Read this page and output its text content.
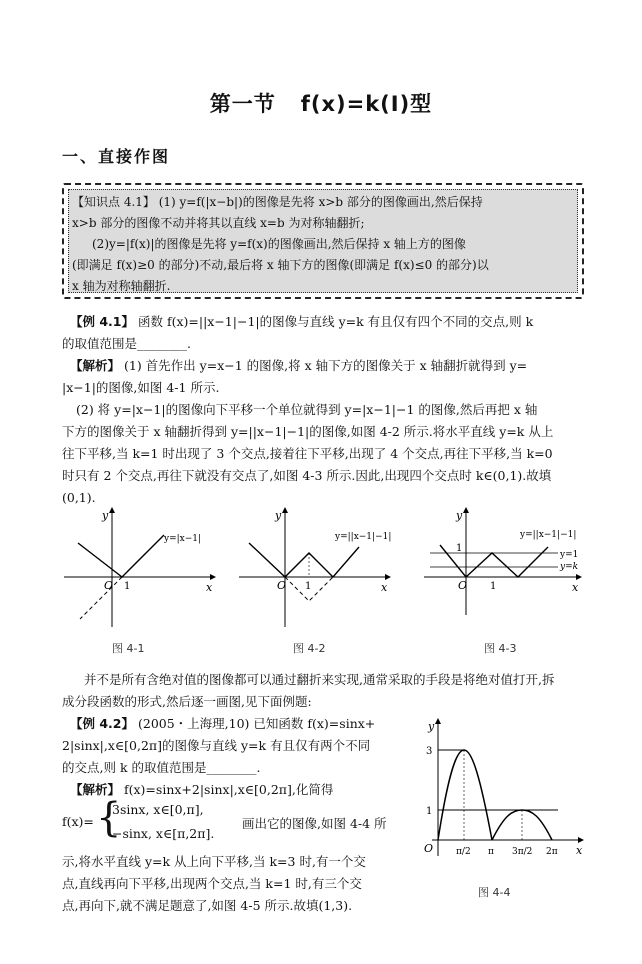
第一节 f(x)=k(Ⅰ)型
一、直接作图

【知识点 4.1】 (1) y=f(|x−b|)的图像是先将 x>b 部分的图像画出,然后保持

x>b 部分的图像不动并将其以直线 x=b 为对称轴翻折;

(2)y=|f(x)|的图像是先将 y=f(x)的图像画出,然后保持 x 轴上方的图像

(即满足 f(x)≥0 的部分)不动,最后将 x 轴下方的图像(即满足 f(x)≤0 的部分)以

x 轴为对称轴翻折.

【例 4.1】 函数 f(x)=||x−1|−1|的图像与直线 y=k 有且仅有四个不同的交点,则 k
的取值范围是________.
【解析】 (1) 首先作出 y=x−1 的图像,将 x 轴下方的图像关于 x 轴翻折就得到 y=
|x−1|的图像,如图 4-1 所示.
(2) 将 y=|x−1|的图像向下平移一个单位就得到 y=|x−1|−1 的图像,然后再把 x 轴
下方的图像关于 x 轴翻折得到 y=||x−1|−1|的图像,如图 4-2 所示.将水平直线 y=k 从上
往下平移,当 k=1 时出现了 3 个交点,接着往下平移,出现了 4 个交点,再往下平移,当 k=0
时只有 2 个交点,再往下就没有交点了,如图 4-3 所示.因此,出现四个交点时 k∈(0,1).故填
(0,1).
O 1	x
y
y=|x−1|
图 4-1
O 1	x
y
y=||x−1|−1|
图 4-2
O 1
1
x
y
y=||x−1|−1|
y=1
y=k
图 4-3
并不是所有含绝对值的图像都可以通过翻折来实现,通常采取的手段是将绝对值打开,拆
成分段函数的形式,然后逐一画图,见下面例题:
【例 4.2】 (2005・上海理,10) 已知函数 f(x)=sinx+
2|sinx|,x∈[0,2π]的图像与直线 y=k 有且仅有两个不同
的交点,则 k 的取值范围是________.
【解析】 f(x)=sinx+2|sinx|,x∈[0,2π],化简得
f(x)= {
3sinx, x∈[0,π],
−sinx, x∈[π,2π].
画出它的图像,如图 4-4 所
示,将水平直线 y=k 从上向下平移,当 k=3 时,有一个交
点,直线再向下平移,出现两个交点,当 k=1 时,有三个交
点,再向下,就不满足题意了,如图 4-5 所示.故填(1,3).
3
1
O	π/2 π 3π/2 2π x
y
图 4-4
